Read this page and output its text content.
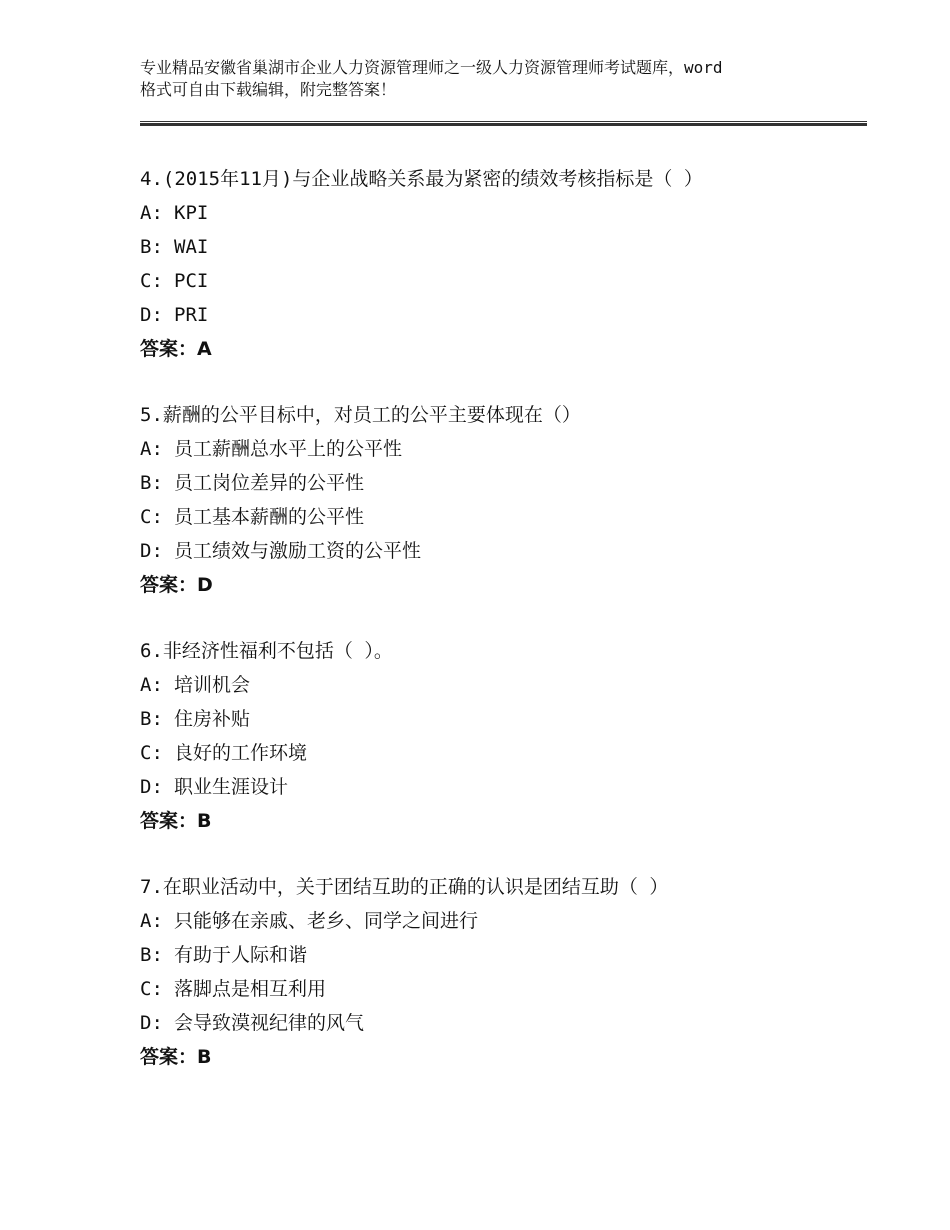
专业精品安徽省巢湖市企业人力资源管理师之一级人力资源管理师考试题库，word
格式可自由下载编辑，附完整答案！
4.(2015年11月)与企业战略关系最为紧密的绩效考核指标是（ ）
A: KPI
B: WAI
C: PCI
D: PRI
答案：A
5.薪酬的公平目标中，对员工的公平主要体现在（）
A: 员工薪酬总水平上的公平性
B: 员工岗位差异的公平性
C: 员工基本薪酬的公平性
D: 员工绩效与激励工资的公平性
答案：D
6.非经济性福利不包括（ ）。
A: 培训机会
B: 住房补贴
C: 良好的工作环境
D: 职业生涯设计
答案：B
7.在职业活动中，关于团结互助的正确的认识是团结互助（ ）
A: 只能够在亲戚、老乡、同学之间进行
B: 有助于人际和谐
C: 落脚点是相互利用
D: 会导致漠视纪律的风气
答案：B
